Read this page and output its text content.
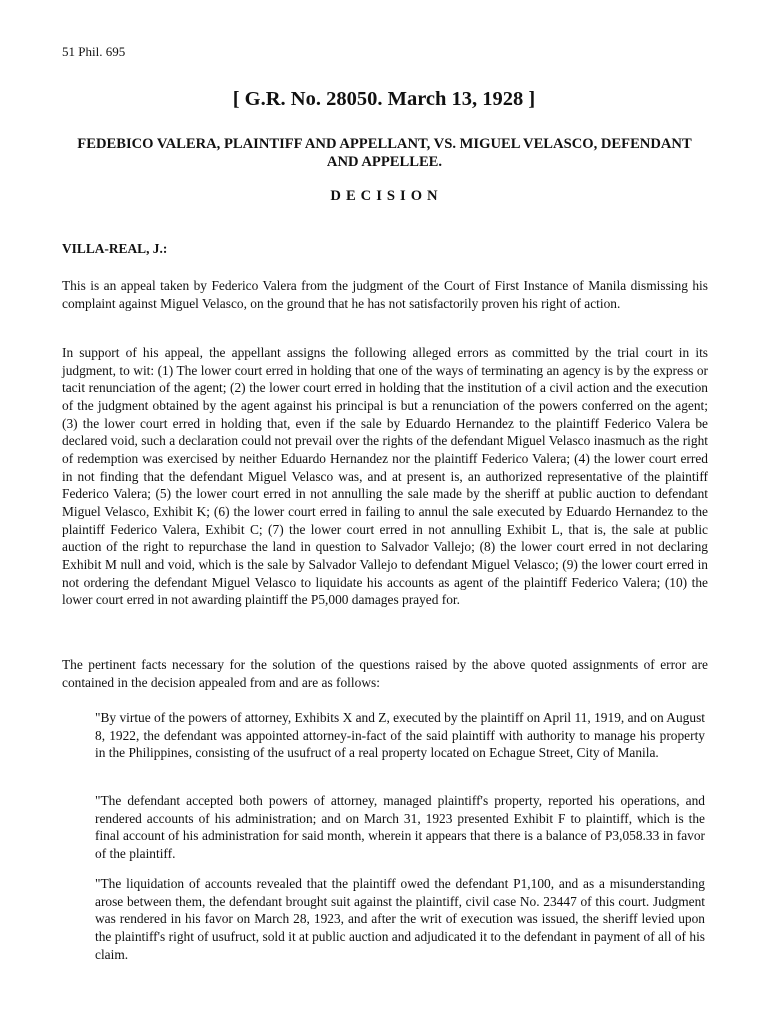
51 Phil. 695
[ G.R. No. 28050. March 13, 1928 ]
FEDEBICO VALERA, PLAINTIFF AND APPELLANT, VS. MIGUEL VELASCO, DEFENDANT AND APPELLEE.
DECISION
VILLA-REAL, J.:

This is an appeal taken by Federico Valera from the judgment of the Court of First Instance of Manila dismissing his complaint against Miguel Velasco, on the ground that he has not satisfactorily proven his right of action.

In support of his appeal, the appellant assigns the following alleged errors as committed by the trial court in its judgment, to wit: (1) The lower court erred in holding that one of the ways of terminating an agency is by the express or tacit renunciation of the agent; (2) the lower court erred in holding that the institution of a civil action and the execution of the judgment obtained by the agent against his principal is but a renunciation of the powers conferred on the agent; (3) the lower court erred in holding that, even if the sale by Eduardo Hernandez to the plaintiff Federico Valera be declared void, such a declaration could not prevail over the rights of the defendant Miguel Velasco inasmuch as the right of redemption was exercised by neither Eduardo Hernandez nor the plaintiff Federico Valera; (4) the lower court erred in not finding that the defendant Miguel Velasco was, and at present is, an authorized representative of the plaintiff Federico Valera; (5) the lower court erred in not annulling the sale made by the sheriff at public auction to defendant Miguel Velasco, Exhibit K; (6) the lower court erred in failing to annul the sale executed by Eduardo Hernandez to the plaintiff Federico Valera, Exhibit C; (7) the lower court erred in not annulling Exhibit L, that is, the sale at public auction of the right to repurchase the land in question to Salvador Vallejo; (8) the lower court erred in not declaring Exhibit M null and void, which is the sale by Salvador Vallejo to defendant Miguel Velasco; (9) the lower court erred in not ordering the defendant Miguel Velasco to liquidate his accounts as agent of the plaintiff Federico Valera; (10) the lower court erred in not awarding plaintiff the P5,000 damages prayed for.

The pertinent facts necessary for the solution of the questions raised by the above quoted assignments of error are contained in the decision appealed from and are as follows:

"By virtue of the powers of attorney, Exhibits X and Z, executed by the plaintiff on April 11, 1919, and on August 8, 1922, the defendant was appointed attorney-in-fact of the said plaintiff with authority to manage his property in the Philippines, consisting of the usufruct of a real property located on Echague Street, City of Manila.

"The defendant accepted both powers of attorney, managed plaintiff's property, reported his operations, and rendered accounts of his administration; and on March 31, 1923 presented Exhibit F to plaintiff, which is the final account of his administration for said month, wherein it appears that there is a balance of P3,058.33 in favor of the plaintiff.

"The liquidation of accounts revealed that the plaintiff owed the defendant P1,100, and as a misunderstanding arose between them, the defendant brought suit against the plaintiff, civil case No. 23447 of this court. Judgment was rendered in his favor on March 28, 1923, and after the writ of execution was issued, the sheriff levied upon the plaintiff's right of usufruct, sold it at public auction and adjudicated it to the defendant in payment of all of his claim.
